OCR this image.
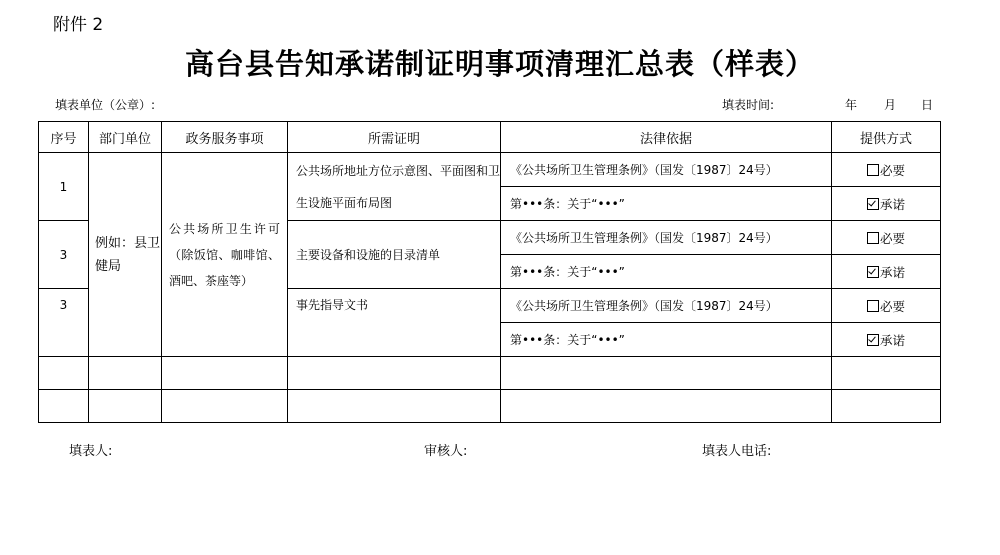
附件 2
高台县告知承诺制证明事项清理汇总表（样表）
填表单位（公章）:	填表时间:	年 月 日
序号	部门单位	政务服务事项	所需证明	法律依据	提供方式
1	例如：县卫健局	公共场所卫生许可（除饭馆、咖啡馆、酒吧、茶座等）	公共场所地址方位示意图、平面图和卫生设施平面布局图	《公共场所卫生管理条例》（国发〔1987〕24号）	必要
				第•••条：关于“•••”	承诺
3			主要设备和设施的目录清单	《公共场所卫生管理条例》（国发〔1987〕24号）	必要
				第•••条：关于“•••”	承诺
3			事先指导文书	《公共场所卫生管理条例》（国发〔1987〕24号）	必要
				第•••条：关于“•••”	承诺

填表人:	审核人:	填表人电话:
